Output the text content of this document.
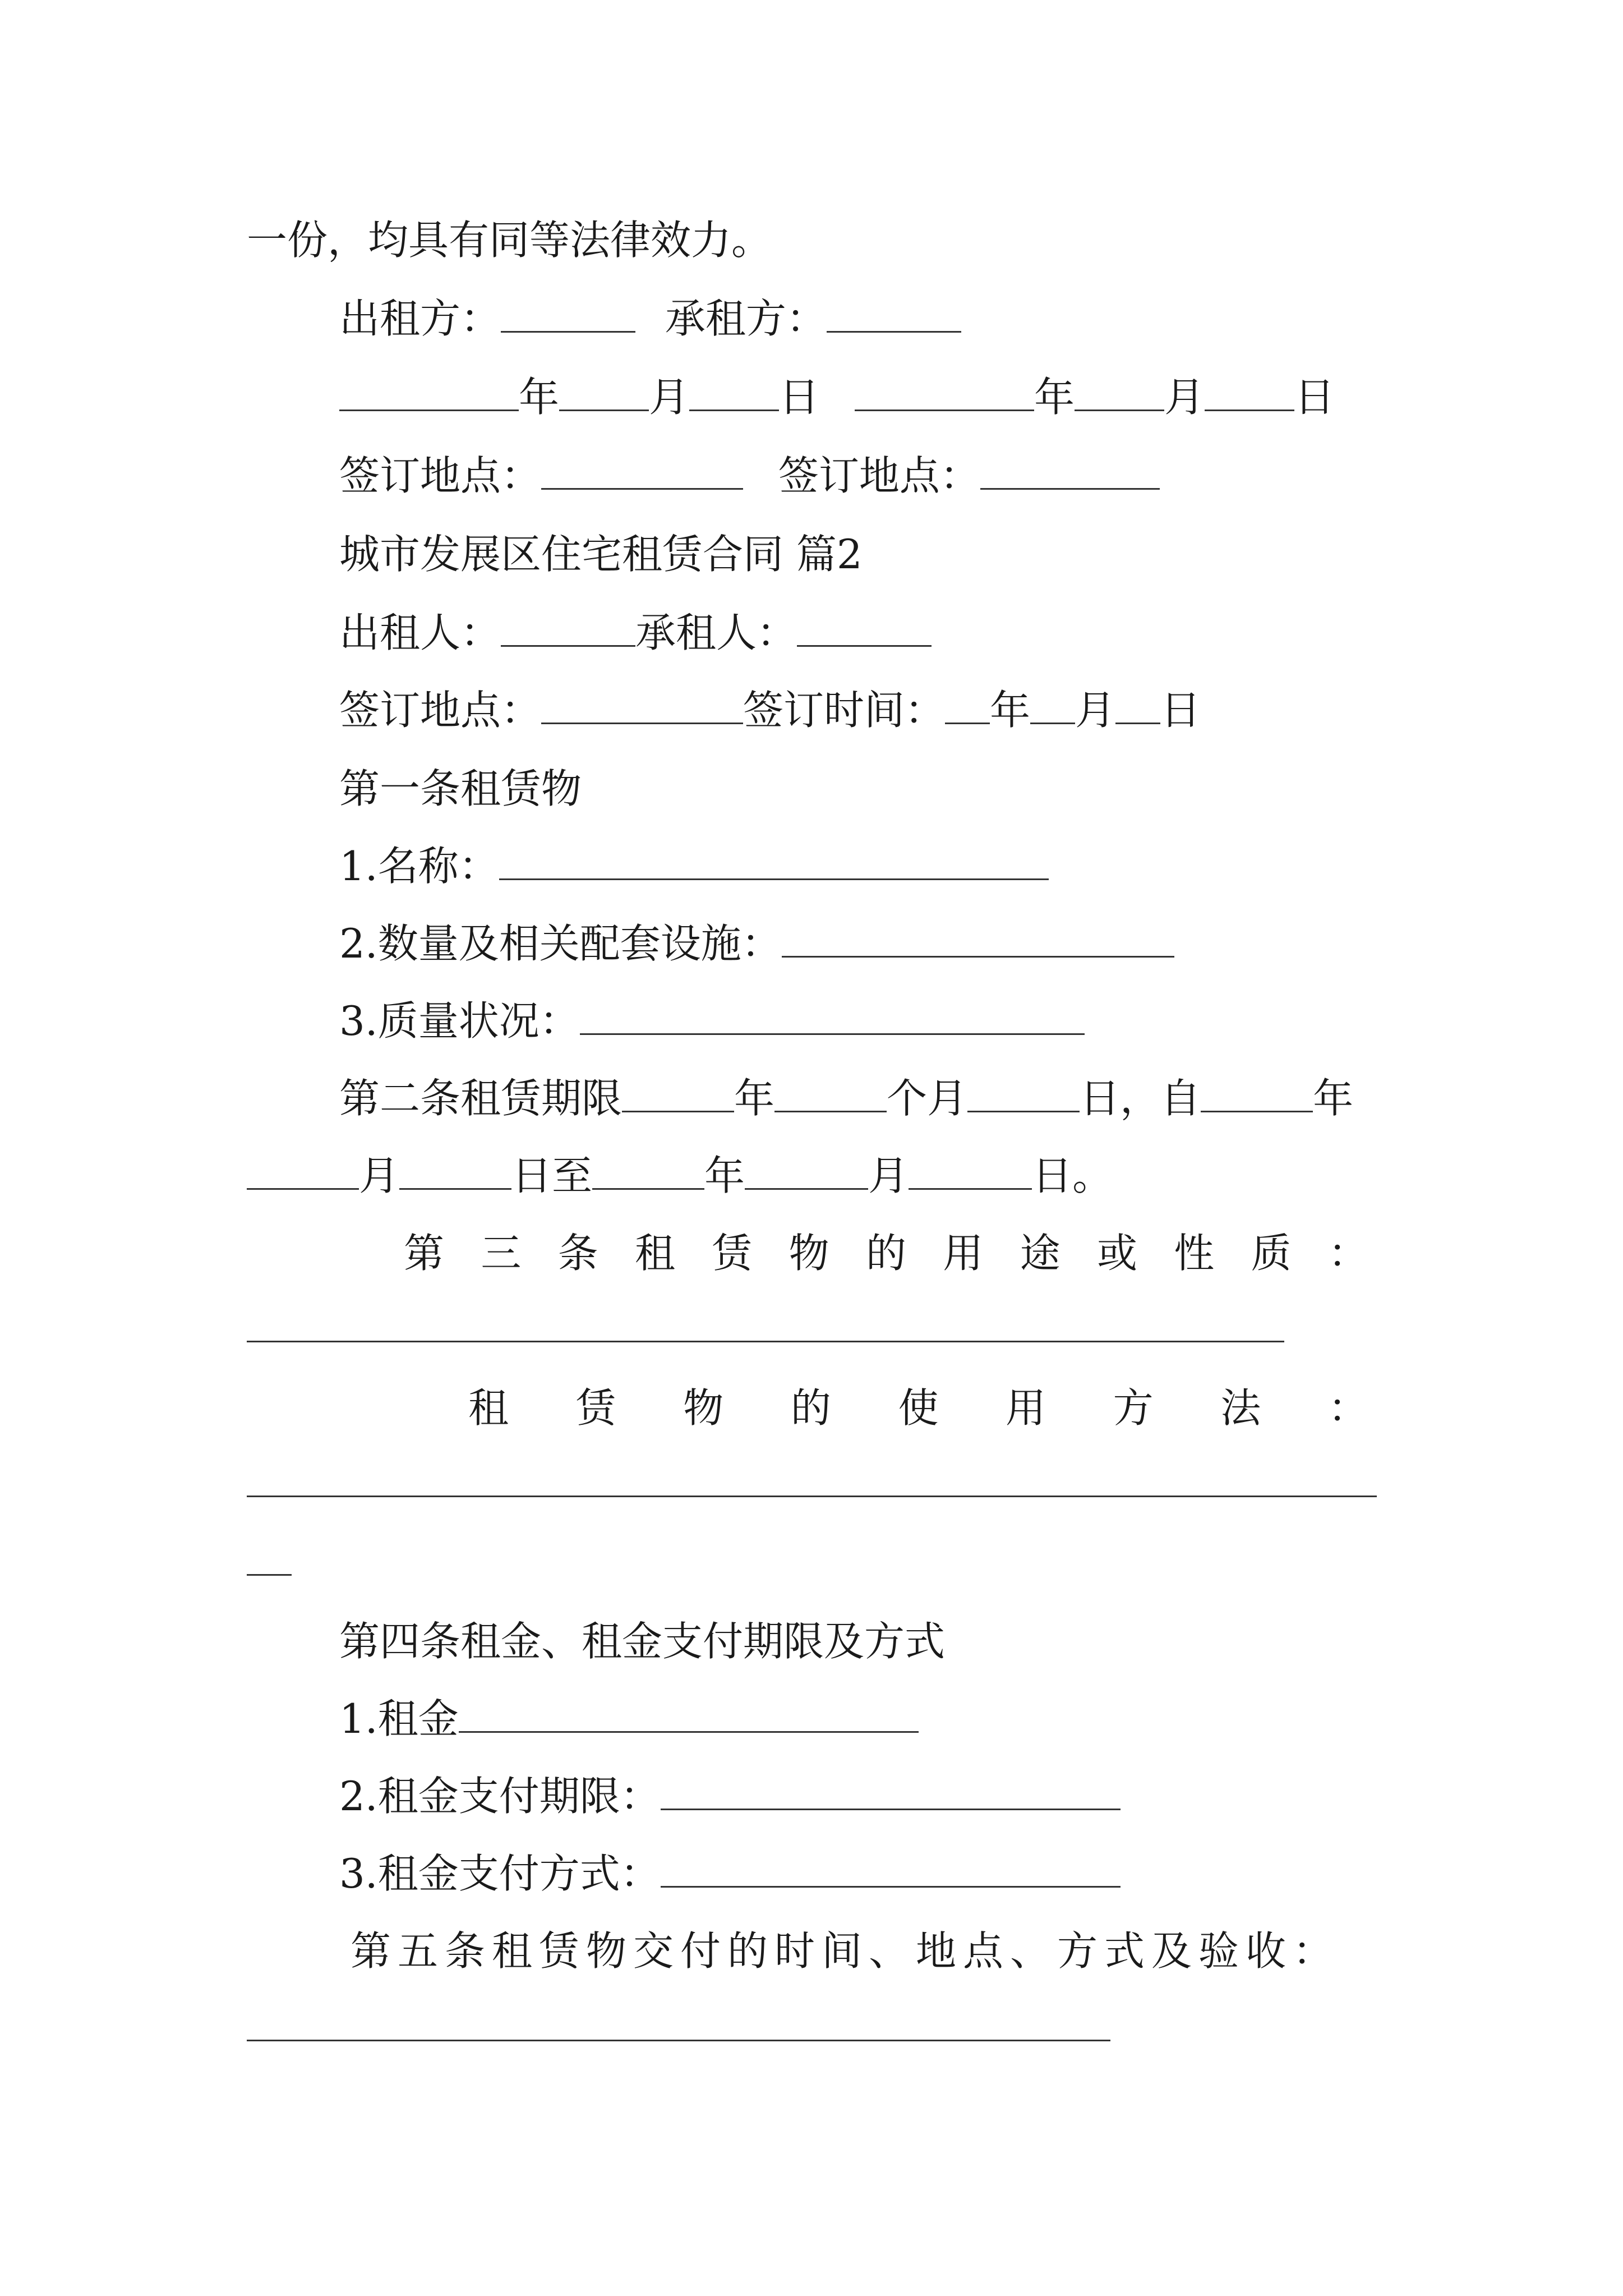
一份，均具有同等法律效力。
出租方：	承租方：
年 月 日	年 月 日
签订地点：	签订地点：
城市发展区住宅租赁合同 篇2
出租人：	承租人：
签订地点：	签订时间： 年 月 日
第一条租赁物
1.名称：
2.数量及相关配套设施：
3.质量状况：
第二条租赁期限	年	个月	日，自	年
月	日至	年	月	日。
第 三 条 租 赁 物 的 用 途 或 性 质 ：
租 赁 物 的 使 用 方 法 ：
第四条租金、租金支付期限及方式
1.租金
2.租金支付期限：
3.租金支付方式：
第五条租赁物交付的时间、地点、方式及验收：
